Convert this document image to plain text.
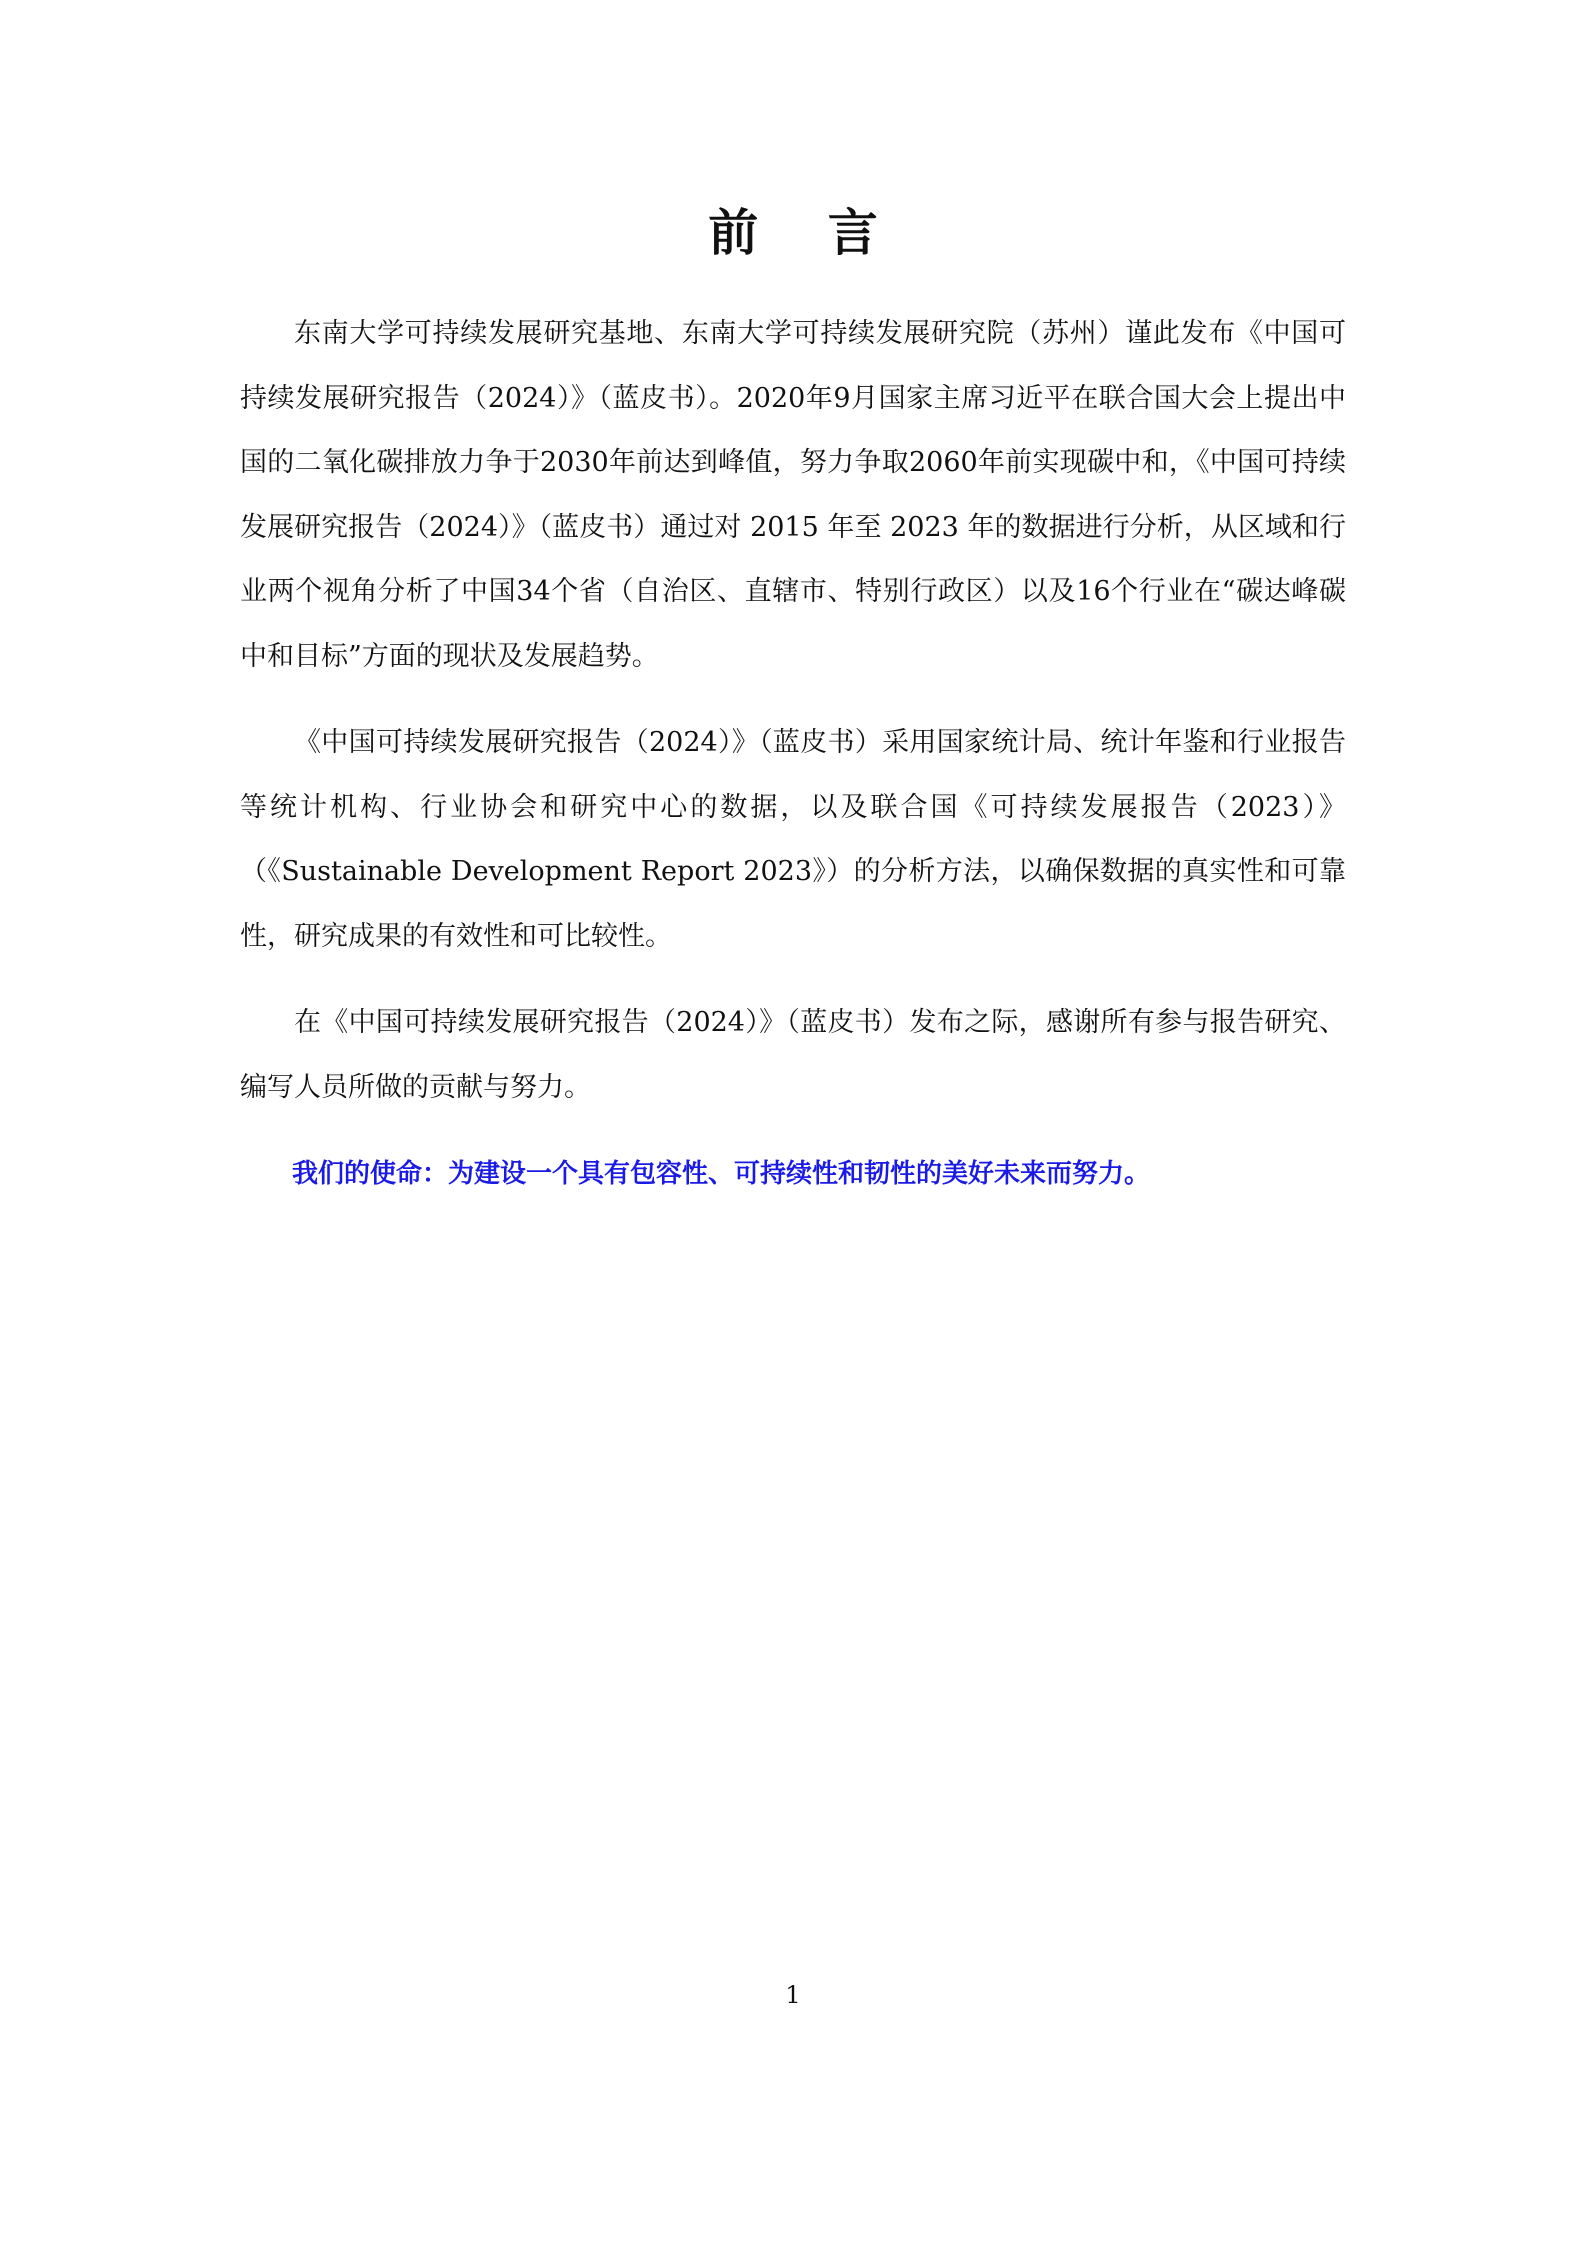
前 言

东南大学可持续发展研究基地、东南大学可持续发展研究院（苏州）谨此发布《中国可持续发展研究报告（2024）》（蓝皮书）。2020年9月国家主席习近平在联合国大会上提出中国的二氧化碳排放力争于2030年前达到峰值，努力争取2060年前实现碳中和，《中国可持续发展研究报告（2024）》（蓝皮书）通过对 2015 年至 2023 年的数据进行分析，从区域和行业两个视角分析了中国34个省（自治区、直辖市、特别行政区）以及16个行业在“碳达峰碳中和目标”方面的现状及发展趋势。

《中国可持续发展研究报告（2024）》（蓝皮书）采用国家统计局、统计年鉴和行业报告等统计机构、行业协会和研究中心的数据，以及联合国《可持续发展报告（2023）》（《Sustainable Development Report 2023》）的分析方法，以确保数据的真实性和可靠性，研究成果的有效性和可比较性。

在《中国可持续发展研究报告（2024）》（蓝皮书）发布之际，感谢所有参与报告研究、编写人员所做的贡献与努力。

我们的使命：为建设一个具有包容性、可持续性和韧性的美好未来而努力。

1
